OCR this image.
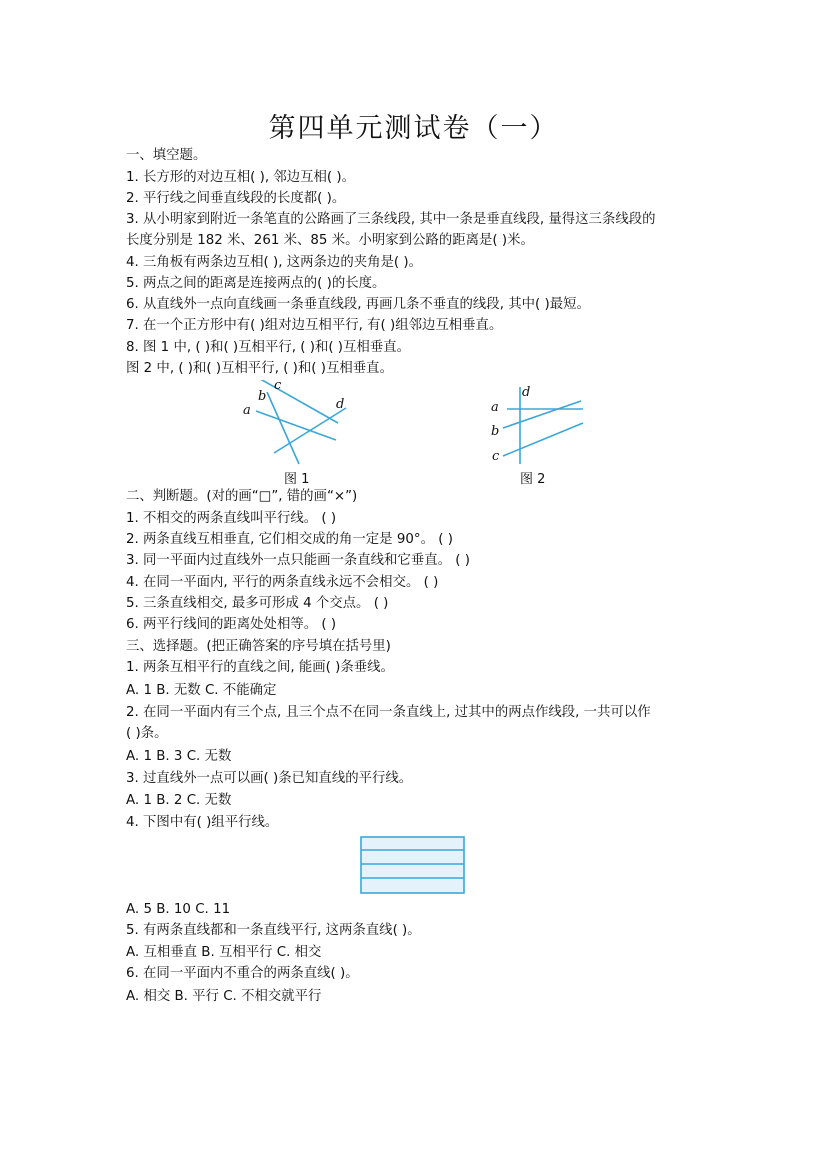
第四单元测试卷（一）
一、填空题。
1. 长方形的对边互相( ), 邻边互相( )。
2. 平行线之间垂直线段的长度都( )。
3. 从小明家到附近一条笔直的公路画了三条线段, 其中一条是垂直线段, 量得这三条线段的
长度分别是 182 米、261 米、85 米。小明家到公路的距离是( )米。
4. 三角板有两条边互相( ), 这两条边的夹角是( )。
5. 两点之间的距离是连接两点的( )的长度。
6. 从直线外一点向直线画一条垂直线段, 再画几条不垂直的线段, 其中( )最短。
7. 在一个正方形中有( )组对边互相平行, 有( )组邻边互相垂直。
8. 图 1 中, ( )和( )互相平行, ( )和( )互相垂直。
图 2 中, ( )和( )互相平行, ( )和( )互相垂直。
a
b
c
d
图 1
a
b
c
d
图 2
二、判断题。(对的画“□”, 错的画“×”)
1. 不相交的两条直线叫平行线。 ( )
2. 两条直线互相垂直, 它们相交成的角一定是 90°。 ( )
3. 同一平面内过直线外一点只能画一条直线和它垂直。 ( )
4. 在同一平面内, 平行的两条直线永远不会相交。 ( )
5. 三条直线相交, 最多可形成 4 个交点。 ( )
6. 两平行线间的距离处处相等。 ( )
三、选择题。(把正确答案的序号填在括号里)
1. 两条互相平行的直线之间, 能画( )条垂线。
A. 1 B. 无数 C. 不能确定
2. 在同一平面内有三个点, 且三个点不在同一条直线上, 过其中的两点作线段, 一共可以作
( )条。
A. 1 B. 3 C. 无数
3. 过直线外一点可以画( )条已知直线的平行线。
A. 1 B. 2 C. 无数
4. 下图中有( )组平行线。
A. 5 B. 10 C. 11
5. 有两条直线都和一条直线平行, 这两条直线( )。
A. 互相垂直 B. 互相平行 C. 相交
6. 在同一平面内不重合的两条直线( )。
A. 相交 B. 平行 C. 不相交就平行
